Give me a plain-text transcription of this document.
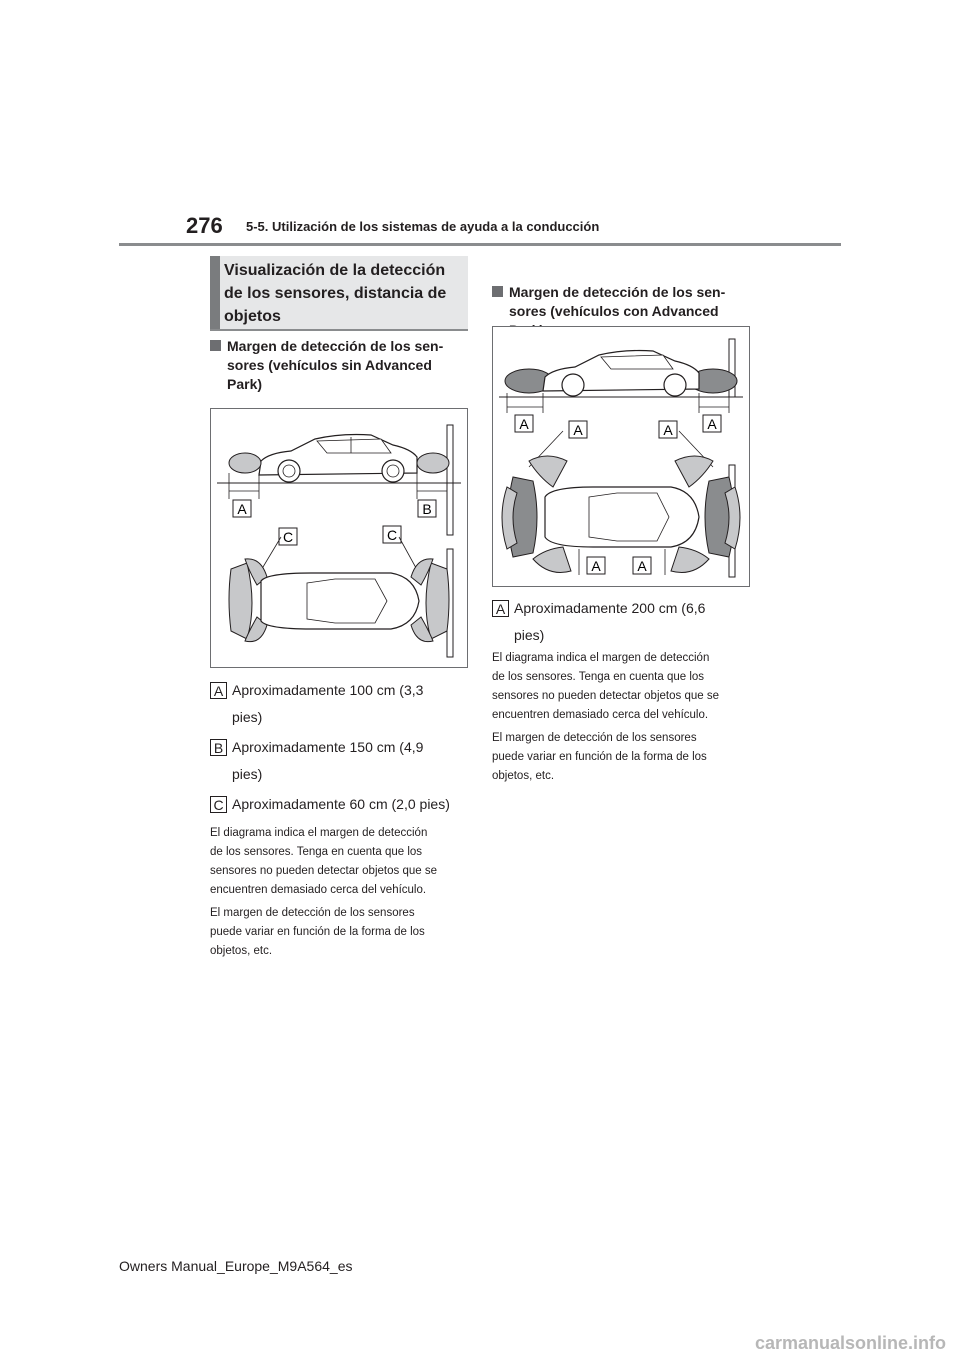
276 5-5. Utilización de los sistemas de ayuda a la conducción
Visualización de la detección de los sensores, distancia de objetos
Margen de detección de los sen-
sores (vehículos sin Advanced
Park)
A	B
C	C
A Aproximadamente 100 cm (3,3
pies)
B Aproximadamente 150 cm (4,9
pies)
C Aproximadamente 60 cm (2,0 pies)
El diagrama indica el margen de detección
de los sensores. Tenga en cuenta que los
sensores no pueden detectar objetos que se
encuentren demasiado cerca del vehículo.
El margen de detección de los sensores
puede variar en función de la forma de los
objetos, etc.
Margen de detección de los sen-
sores (vehículos con Advanced
A	A	A A
A	A
A Aproximadamente 200 cm (6,6
pies)
El diagrama indica el margen de detección
de los sensores. Tenga en cuenta que los
sensores no pueden detectar objetos que se
encuentren demasiado cerca del vehículo.
El margen de detección de los sensores
puede variar en función de la forma de los
objetos, etc.
Owners Manual_Europe_M9A564_es
carmanualsonline.info
